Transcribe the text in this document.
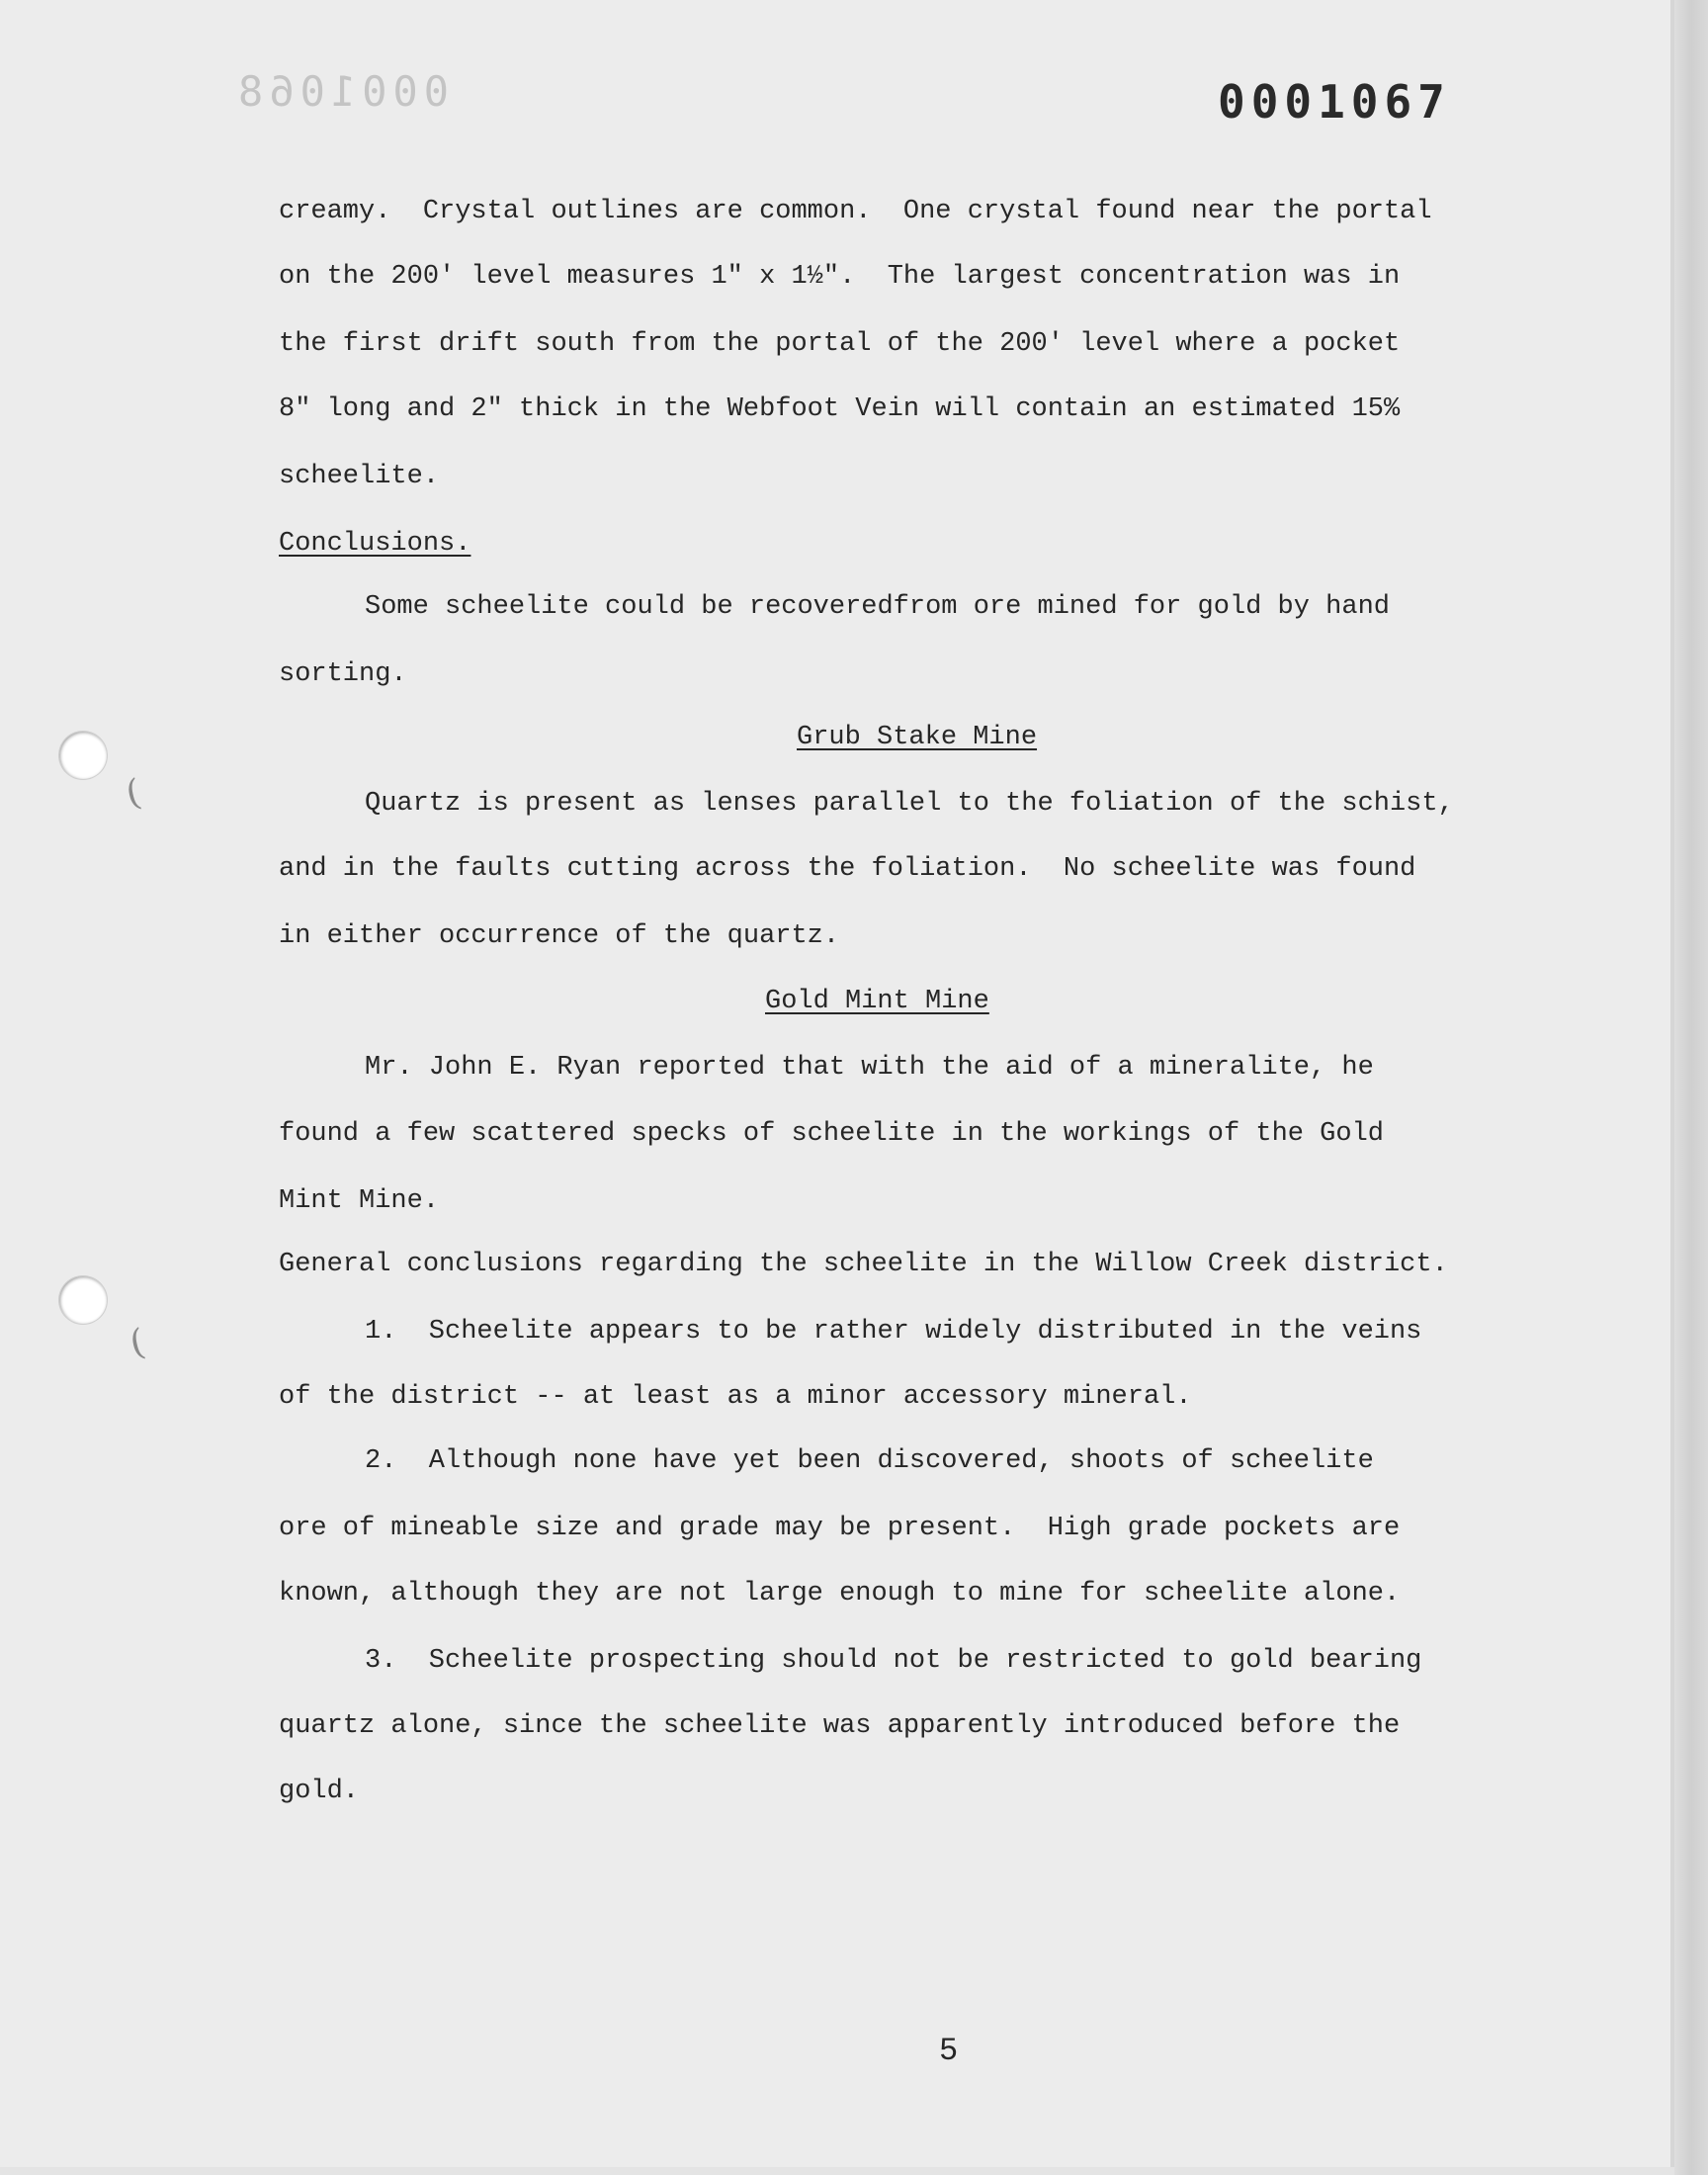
0001068	0001067
(
(
creamy.  Crystal outlines are common.  One crystal found near the portal
on the 200' level measures 1" x 1½".  The largest concentration was in
the first drift south from the portal of the 200' level where a pocket
8" long and 2" thick in the Webfoot Vein will contain an estimated 15%
scheelite.
Conclusions.
Some scheelite could be recoveredfrom ore mined for gold by hand
sorting.
Grub Stake Mine
Quartz is present as lenses parallel to the foliation of the schist,
and in the faults cutting across the foliation.  No scheelite was found
in either occurrence of the quartz.
Gold Mint Mine
Mr. John E. Ryan reported that with the aid of a mineralite, he
found a few scattered specks of scheelite in the workings of the Gold
Mint Mine.
General conclusions regarding the scheelite in the Willow Creek district.
1.  Scheelite appears to be rather widely distributed in the veins
of the district -- at least as a minor accessory mineral.
2.  Although none have yet been discovered, shoots of scheelite
ore of mineable size and grade may be present.  High grade pockets are
known, although they are not large enough to mine for scheelite alone.
3.  Scheelite prospecting should not be restricted to gold bearing
quartz alone, since the scheelite was apparently introduced before the
gold.
5
